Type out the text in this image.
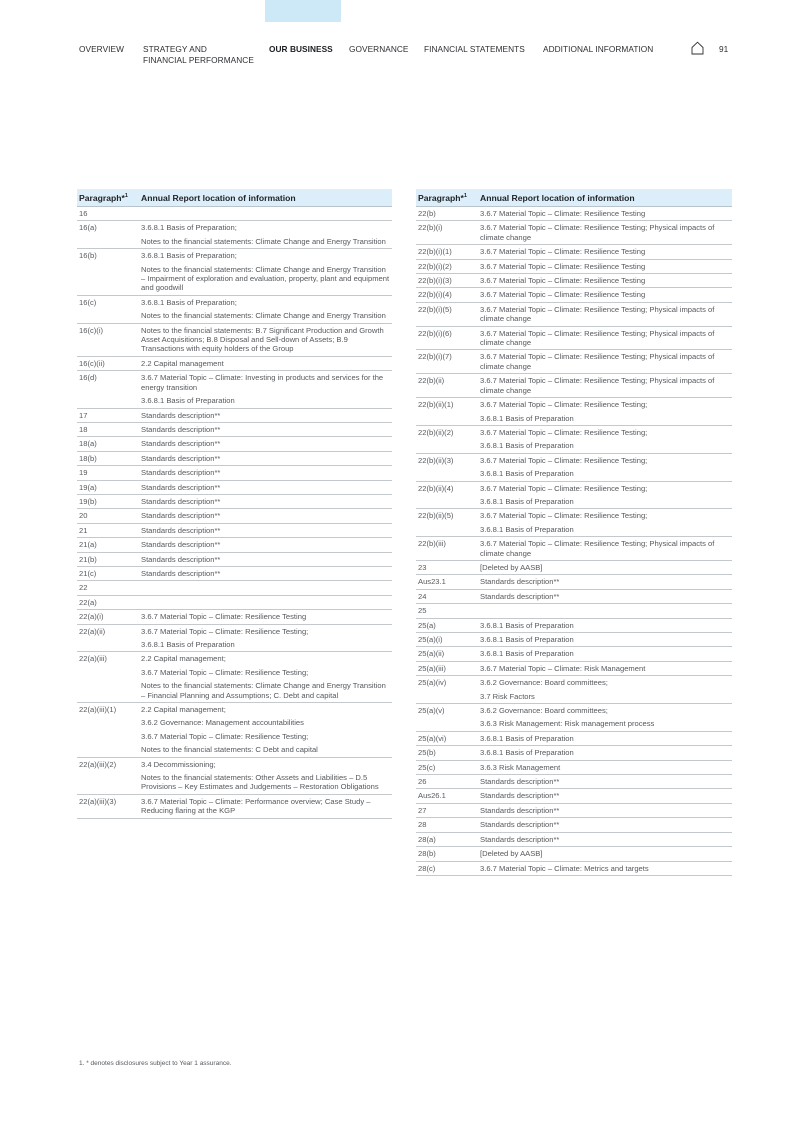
OVERVIEW STRATEGY AND
FINANCIAL PERFORMANCE
OUR BUSINESS GOVERNANCE FINANCIAL STATEMENTS ADDITIONAL INFORMATION	91
Paragraph*$^1$	Annual Report location of information
16	
16(a)	3.6.8.1 Basis of Preparation;
Notes to the financial statements: Climate Change and Energy Transition

16(b)	3.6.8.1 Basis of Preparation;
Notes to the financial statements: Climate Change and Energy Transition – Impairment of exploration and evaluation, property, plant and equipment and goodwill

16(c)	3.6.8.1 Basis of Preparation;
Notes to the financial statements: Climate Change and Energy Transition

16(c)(i)	Notes to the financial statements: B.7 Significant Production and Growth Asset Acquisitions; B.8 Disposal and Sell-down of Assets; B.9 Transactions with equity holders of the Group

16(c)(ii)	2.2 Capital management

16(d)	3.6.7 Material Topic – Climate: Investing in products and services for the energy transition
3.6.8.1 Basis of Preparation

17	Standards description**

18	Standards description**

18(a)	Standards description**

18(b)	Standards description**

19	Standards description**

19(a)	Standards description**

19(b)	Standards description**

20	Standards description**

21	Standards description**

21(a)	Standards description**

21(b)	Standards description**

21(c)	Standards description**

22	
22(a)	
22(a)(i)	3.6.7 Material Topic – Climate: Resilience Testing

22(a)(ii)	3.6.7 Material Topic – Climate: Resilience Testing;
3.6.8.1 Basis of Preparation

22(a)(iii)	2.2 Capital management;
3.6.7 Material Topic – Climate: Resilience Testing;
Notes to the financial statements: Climate Change and Energy Transition – Financial Planning and Assumptions; C. Debt and capital

22(a)(iii)(1)	2.2 Capital management;
3.6.2 Governance: Management accountabilities
3.6.7 Material Topic – Climate: Resilience Testing;
Notes to the financial statements: C Debt and capital

22(a)(iii)(2)	3.4 Decommissioning;
Notes to the financial statements: Other Assets and Liabilities – D.5 Provisions – Key Estimates and Judgements – Restoration Obligations

22(a)(iii)(3)	3.6.7 Material Topic – Climate: Performance overview; Case Study – Reducing flaring at the KGP
Paragraph*$^1$	Annual Report location of information
22(b)	3.6.7 Material Topic – Climate: Resilience Testing

22(b)(i)	3.6.7 Material Topic – Climate: Resilience Testing; Physical impacts of climate change

22(b)(i)(1)	3.6.7 Material Topic – Climate: Resilience Testing

22(b)(i)(2)	3.6.7 Material Topic – Climate: Resilience Testing

22(b)(i)(3)	3.6.7 Material Topic – Climate: Resilience Testing

22(b)(i)(4)	3.6.7 Material Topic – Climate: Resilience Testing

22(b)(i)(5)	3.6.7 Material Topic – Climate: Resilience Testing; Physical impacts of climate change

22(b)(i)(6)	3.6.7 Material Topic – Climate: Resilience Testing; Physical impacts of climate change

22(b)(i)(7)	3.6.7 Material Topic – Climate: Resilience Testing; Physical impacts of climate change

22(b)(ii)	3.6.7 Material Topic – Climate: Resilience Testing; Physical impacts of climate change

22(b)(ii)(1)	3.6.7 Material Topic – Climate: Resilience Testing;
3.6.8.1 Basis of Preparation

22(b)(ii)(2)	3.6.7 Material Topic – Climate: Resilience Testing;
3.6.8.1 Basis of Preparation

22(b)(ii)(3)	3.6.7 Material Topic – Climate: Resilience Testing;
3.6.8.1 Basis of Preparation

22(b)(ii)(4)	3.6.7 Material Topic – Climate: Resilience Testing;
3.6.8.1 Basis of Preparation

22(b)(ii)(5)	3.6.7 Material Topic – Climate: Resilience Testing;
3.6.8.1 Basis of Preparation

22(b)(iii)	3.6.7 Material Topic – Climate: Resilience Testing; Physical impacts of climate change

23	[Deleted by AASB]

Aus23.1	Standards description**

24	Standards description**

25	
25(a)	3.6.8.1 Basis of Preparation

25(a)(i)	3.6.8.1 Basis of Preparation

25(a)(ii)	3.6.8.1 Basis of Preparation

25(a)(iii)	3.6.7 Material Topic – Climate: Risk Management

25(a)(iv)	3.6.2 Governance: Board committees;
3.7 Risk Factors

25(a)(v)	3.6.2 Governance: Board committees;
3.6.3 Risk Management: Risk management process

25(a)(vi)	3.6.8.1 Basis of Preparation

25(b)	3.6.8.1 Basis of Preparation

25(c)	3.6.3 Risk Management

26	Standards description**

Aus26.1	Standards description**

27	Standards description**

28	Standards description**

28(a)	Standards description**

28(b)	[Deleted by AASB]

28(c)	3.6.7 Material Topic – Climate: Metrics and targets
1. * denotes disclosures subject to Year 1 assurance.
